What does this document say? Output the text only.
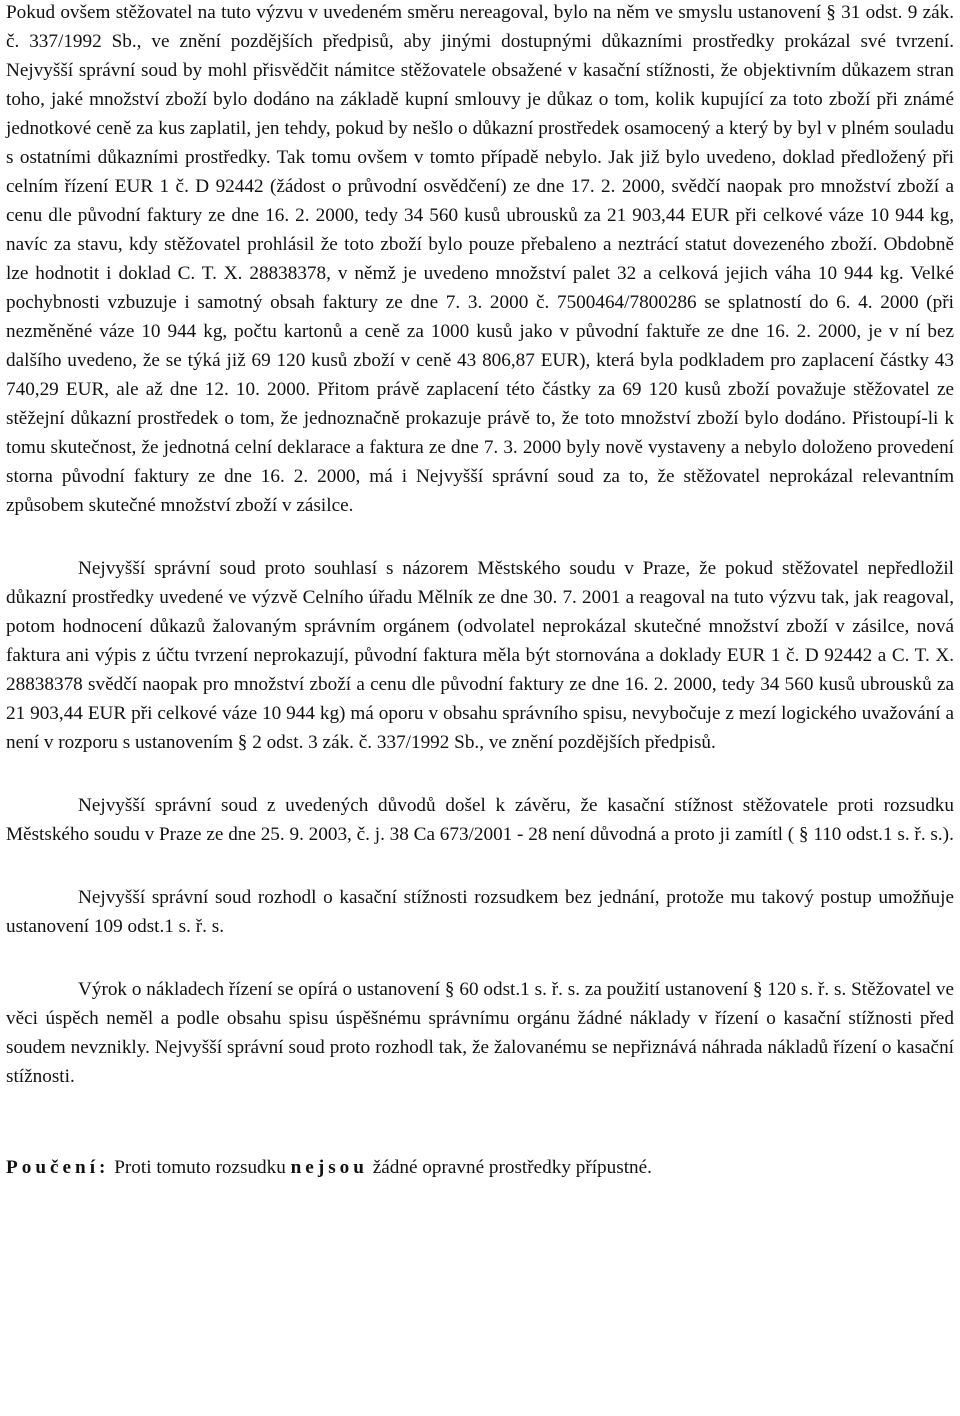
Pokud ovšem stěžovatel na tuto výzvu v uvedeném směru nereagoval, bylo na něm ve smyslu ustanovení § 31 odst. 9 zák. č. 337/1992 Sb., ve znění pozdějších předpisů, aby jinými dostupnými důkazními prostředky prokázal své tvrzení. Nejvyšší správní soud by mohl přisvědčit námitce stěžovatele obsažené v kasační stížnosti, že objektivním důkazem stran toho, jaké množství zboží bylo dodáno na základě kupní smlouvy je důkaz o tom, kolik kupující za toto zboží při známé jednotkové ceně za kus zaplatil, jen tehdy, pokud by nešlo o důkazní prostředek osamocený a který by byl v plném souladu s ostatními důkazními prostředky. Tak tomu ovšem v tomto případě nebylo. Jak již bylo uvedeno, doklad předložený při celním řízení EUR 1 č. D 92442 (žádost o průvodní osvědčení) ze dne 17. 2. 2000, svědčí naopak pro množství zboží a cenu dle původní faktury ze dne 16. 2. 2000, tedy 34 560 kusů ubrousků za 21 903,44 EUR při celkové váze 10 944 kg, navíc za stavu, kdy stěžovatel prohlásil že toto zboží bylo pouze přebaleno a neztrácí statut dovezeného zboží. Obdobně lze hodnotit i doklad C. T. X. 28838378, v němž je uvedeno množství palet 32 a celková jejich váha 10 944 kg. Velké pochybnosti vzbuzuje i samotný obsah faktury ze dne 7. 3. 2000 č. 7500464/7800286 se splatností do 6. 4. 2000 (při nezměněné váze 10 944 kg, počtu kartonů a ceně za 1000 kusů jako v původní faktuře ze dne 16. 2. 2000, je v ní bez dalšího uvedeno, že se týká již 69 120 kusů zboží v ceně 43 806,87 EUR), která byla podkladem pro zaplacení částky 43 740,29 EUR, ale až dne 12. 10. 2000. Přitom právě zaplacení této částky za 69 120 kusů zboží považuje stěžovatel ze stěžejní důkazní prostředek o tom, že jednoznačně prokazuje právě to, že toto množství zboží bylo dodáno. Přistoupí-li k tomu skutečnost, že jednotná celní deklarace a faktura ze dne 7. 3. 2000 byly nově vystaveny a nebylo doloženo provedení storna původní faktury ze dne 16. 2. 2000, má i Nejvyšší správní soud za to, že stěžovatel neprokázal relevantním způsobem skutečné množství zboží v zásilce.

Nejvyšší správní soud proto souhlasí s názorem Městského soudu v Praze, že pokud stěžovatel nepředložil důkazní prostředky uvedené ve výzvě Celního úřadu Mělník ze dne 30. 7. 2001 a reagoval na tuto výzvu tak, jak reagoval, potom hodnocení důkazů žalovaným správním orgánem (odvolatel neprokázal skutečné množství zboží v zásilce, nová faktura ani výpis z účtu tvrzení neprokazují, původní faktura měla být stornována a doklady EUR 1 č. D 92442 a C. T. X. 28838378 svědčí naopak pro množství zboží a cenu dle původní faktury ze dne 16. 2. 2000, tedy 34 560 kusů ubrousků za 21 903,44 EUR při celkové váze 10 944 kg) má oporu v obsahu správního spisu, nevybočuje z mezí logického uvažování a není v rozporu s ustanovením § 2 odst. 3 zák. č. 337/1992 Sb., ve znění pozdějších předpisů.

Nejvyšší správní soud z uvedených důvodů došel k závěru, že kasační stížnost stěžovatele proti rozsudku Městského soudu v Praze ze dne 25. 9. 2003, č. j. 38 Ca 673/2001 - 28 není důvodná a proto ji zamítl ( § 110 odst.1 s. ř. s.).

Nejvyšší správní soud rozhodl o kasační stížnosti rozsudkem bez jednání, protože mu takový postup umožňuje ustanovení 109 odst.1 s. ř. s.

Výrok o nákladech řízení se opírá o ustanovení § 60 odst.1 s. ř. s. za použití ustanovení § 120 s. ř. s. Stěžovatel ve věci úspěch neměl a podle obsahu spisu úspěšnému správnímu orgánu žádné náklady v řízení o kasační stížnosti před soudem nevznikly. Nejvyšší správní soud proto rozhodl tak, že žalovanému se nepřiznává náhrada nákladů řízení o kasační stížnosti.

Poučení: Proti tomuto rozsudku nejsou žádné opravné prostředky přípustné.
